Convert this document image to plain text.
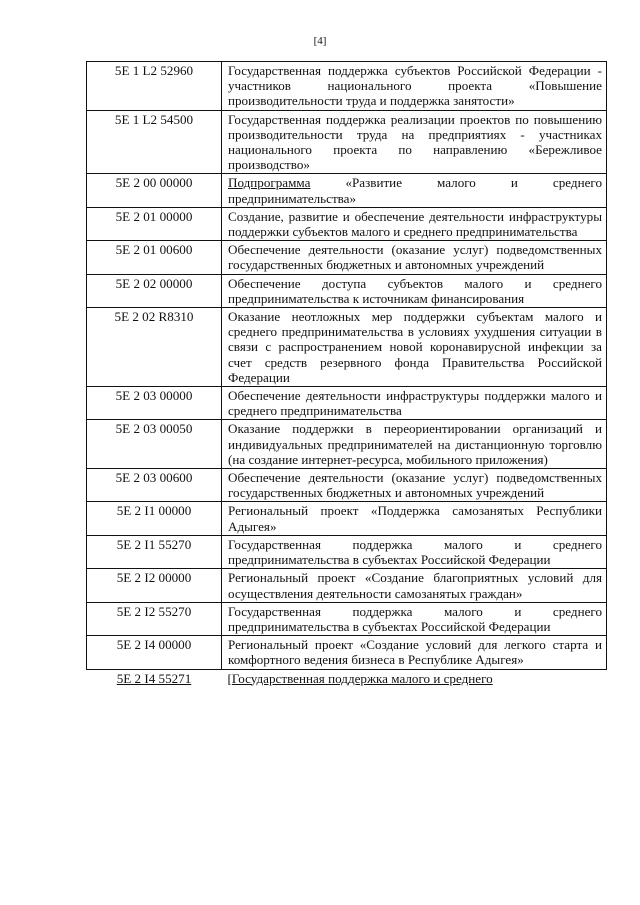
[4]
5Е 1 L2 52960	Государственная поддержка субъектов Российской Федерации - участников национального проекта «Повышение производительности труда и поддержка занятости»
5Е 1 L2 54500	Государственная поддержка реализации проектов по повышению производительности труда на предприятиях - участниках национального проекта по направлению «Бережливое производство»
5Е 2 00 00000	Подпрограмма «Развитие малого и среднего предпринимательства»
5Е 2 01 00000	Создание, развитие и обеспечение деятельности инфраструктуры поддержки субъектов малого и среднего предпринимательства
5Е 2 01 00600	Обеспечение деятельности (оказание услуг) подведомственных государственных бюджетных и автономных учреждений
5Е 2 02 00000	Обеспечение доступа субъектов малого и среднего предпринимательства к источникам финансирования
5Е 2 02 R8310	Оказание неотложных мер поддержки субъектам малого и среднего предпринимательства в условиях ухудшения ситуации в связи с распространением новой коронавирусной инфекции за счет средств резервного фонда Правительства Российской Федерации
5Е 2 03 00000	Обеспечение деятельности инфраструктуры поддержки малого и среднего предпринимательства
5Е 2 03 00050	Оказание поддержки в переориентировании организаций и индивидуальных предпринимателей на дистанционную торговлю (на создание интернет-ресурса, мобильного приложения)
5Е 2 03 00600	Обеспечение деятельности (оказание услуг) подведомственных государственных бюджетных и автономных учреждений
5Е 2 I1 00000	Региональный проект «Поддержка самозанятых Республики Адыгея»
5Е 2 I1 55270	Государственная поддержка малого и среднего предпринимательства в субъектах Российской Федерации
5Е 2 I2 00000	Региональный проект «Создание благоприятных условий для осуществления деятельности самозанятых граждан»
5Е 2 I2 55270	Государственная поддержка малого и среднего предпринимательства в субъектах Российской Федерации
5Е 2 I4 00000	Региональный проект «Создание условий для легкого старта и комфортного ведения бизнеса в Республике Адыгея»
5Е 2 I4 55271	[Государственная поддержка малого и среднего
